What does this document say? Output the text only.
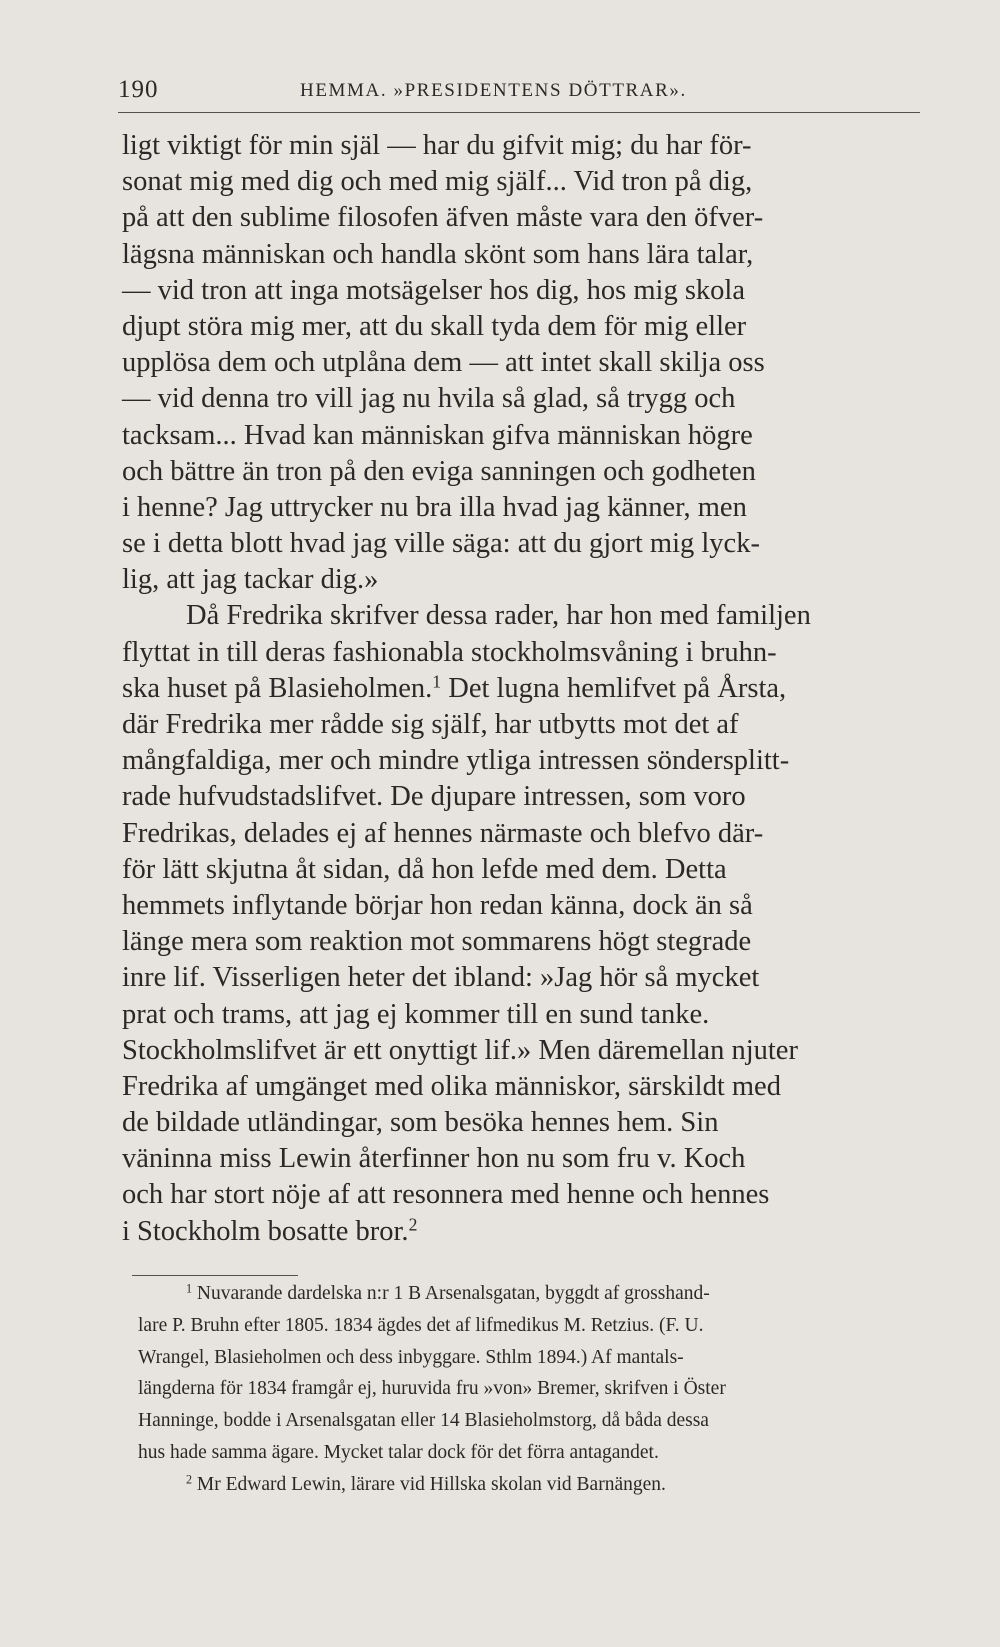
190	HEMMA. »PRESIDENTENS DÖTTRAR».
ligt viktigt för min själ — har du gifvit mig; du har för-
sonat mig med dig och med mig själf... Vid tron på dig,
på att den sublime filosofen äfven måste vara den öfver-
lägsna människan och handla skönt som hans lära talar,
— vid tron att inga motsägelser hos dig, hos mig skola
djupt störa mig mer, att du skall tyda dem för mig eller
upplösa dem och utplåna dem — att intet skall skilja oss
— vid denna tro vill jag nu hvila så glad, så trygg och
tacksam... Hvad kan människan gifva människan högre
och bättre än tron på den eviga sanningen och godheten
i henne? Jag uttrycker nu bra illa hvad jag känner, men
se i detta blott hvad jag ville säga: att du gjort mig lyck-
lig, att jag tackar dig.»
Då Fredrika skrifver dessa rader, har hon med familjen
flyttat in till deras fashionabla stockholmsvåning i bruhn-
ska huset på Blasieholmen.$^1$ Det lugna hemlifvet på Årsta,
där Fredrika mer rådde sig själf, har utbytts mot det af
mångfaldiga, mer och mindre ytliga intressen söndersplitt-
rade hufvudstadslifvet. De djupare intressen, som voro
Fredrikas, delades ej af hennes närmaste och blefvo där-
för lätt skjutna åt sidan, då hon lefde med dem. Detta
hemmets inflytande börjar hon redan känna, dock än så
länge mera som reaktion mot sommarens högt stegrade
inre lif. Visserligen heter det ibland: »Jag hör så mycket
prat och trams, att jag ej kommer till en sund tanke.
Stockholmslifvet är ett onyttigt lif.» Men däremellan njuter
Fredrika af umgänget med olika människor, särskildt med
de bildade utländingar, som besöka hennes hem. Sin
väninna miss Lewin återfinner hon nu som fru v. Koch
och har stort nöje af att resonnera med henne och hennes
i Stockholm bosatte bror.$^2$
$^1$ Nuvarande dardelska n:r 1 B Arsenalsgatan, byggdt af grosshand-
lare P. Bruhn efter 1805. 1834 ägdes det af lifmedikus M. Retzius. (F. U.
Wrangel, Blasieholmen och dess inbyggare. Sthlm 1894.) Af mantals-
längderna för 1834 framgår ej, huruvida fru »von» Bremer, skrifven i Öster
Hanninge, bodde i Arsenalsgatan eller 14 Blasieholmstorg, då båda dessa
hus hade samma ägare. Mycket talar dock för det förra antagandet.
$^2$ Mr Edward Lewin, lärare vid Hillska skolan vid Barnängen.
